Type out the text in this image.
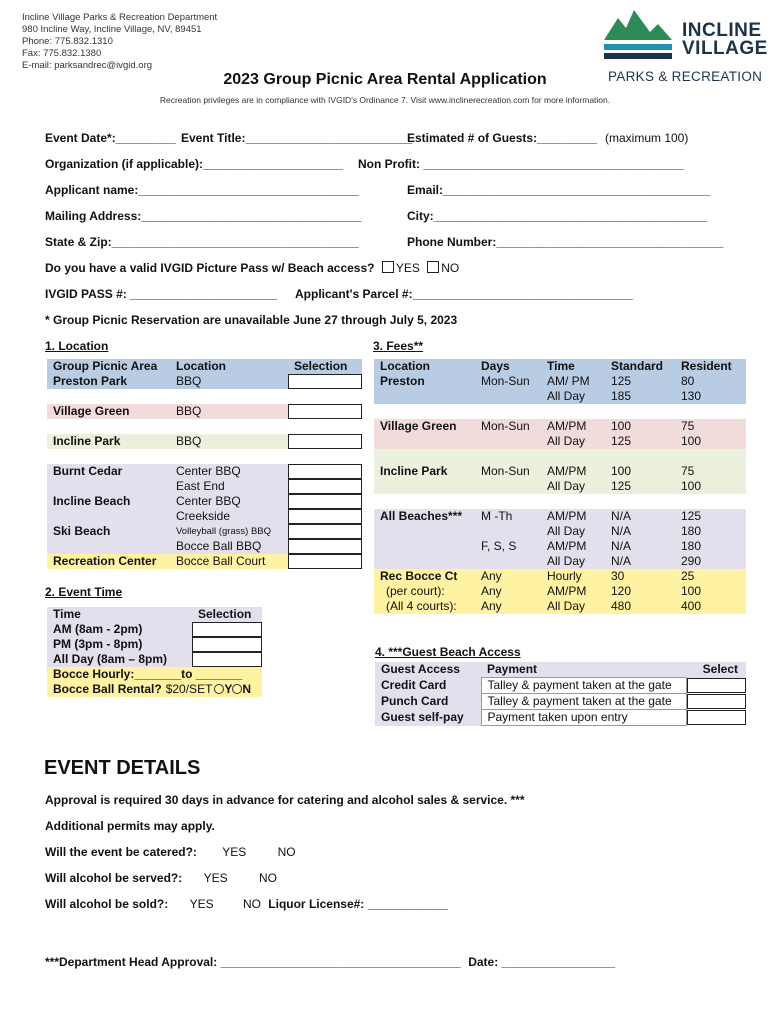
Incline Village Parks & Recreation Department
980 Incline Way, Incline Village, NV, 89451
Phone: 775.832.1310
Fax: 775.832.1380
E-mail: parksandrec@ivgid.org
INCLINE
VILLAGE
PARKS & RECREATION
2023 Group Picnic Area Rental Application
Recreation privileges are in compliance with IVGID's Ordinance 7. Visit www.inclinerecreation.com for more information.
Event Date*:_________ Event Title:_________________________
Estimated # of Guests:_________ (maximum 100)
Organization (if applicable):_____________________ Non Profit: _______________________________________
Applicant name:_________________________________	Email:________________________________________
Mailing Address:_________________________________	City:_________________________________________
State & Zip:_____________________________________	Phone Number:__________________________________
Do you have a valid IVGID Picture Pass w/ Beach access? YES NO
IVGID PASS #: ______________________ Applicant's Parcel #:_________________________________
* Group Picnic Reservation are unavailable June 27 through July 5, 2023
1. Location
Group Picnic Area	Location	Selection
Preston Park	BBQ	

Village Green	BBQ	

Incline Park	BBQ	

Burnt Cedar	Center BBQ	

	East End	

Incline Beach	Center BBQ	

	Creekside	

Ski Beach	Volleyball (grass) BBQ	

	Bocce Ball BBQ	

Recreation Center	Bocce Ball Court	
2. Event Time
Time	Selection
AM (8am - 2pm)	

PM (3pm - 8pm)	

All Day (8am – 8pm)	

Bocce Hourly:_______to _______	
Bocce Ball Rental? $20/SET Y N	
3. Fees**
Location	Days	Time	Standard	Resident
Preston	Mon-Sun	AM/ PM	125	80
		All Day	185	130

Village Green	Mon-Sun	AM/PM	100	75
		All Day	125	100

Incline Park	Mon-Sun	AM/PM	100	75
		All Day	125	100

All Beaches***	M -Th	AM/PM	N/A	125
		All Day	N/A	180
	F, S, S	AM/PM	N/A	180
		All Day	N/A	290
Rec Bocce Ct	Any	Hourly	30	25
(per court):	Any	AM/PM	120	100
(All 4 courts):	Any	All Day	480	400
4. ***Guest Beach Access
Guest Access	Payment	Select
Credit Card	Talley & payment taken at the gate	

Punch Card	Talley & payment taken at the gate	

Guest self-pay	Payment taken upon entry	
EVENT DETAILS
Approval is required 30 days in advance for catering and alcohol sales & service. ***
Additional permits may apply.
Will the event be catered?: YES	NO
Will alcohol be served?: YES	NO
Will alcohol be sold?: YES NO Liquor License#: ____________
***Department Head Approval: ____________________________________ Date: _________________
